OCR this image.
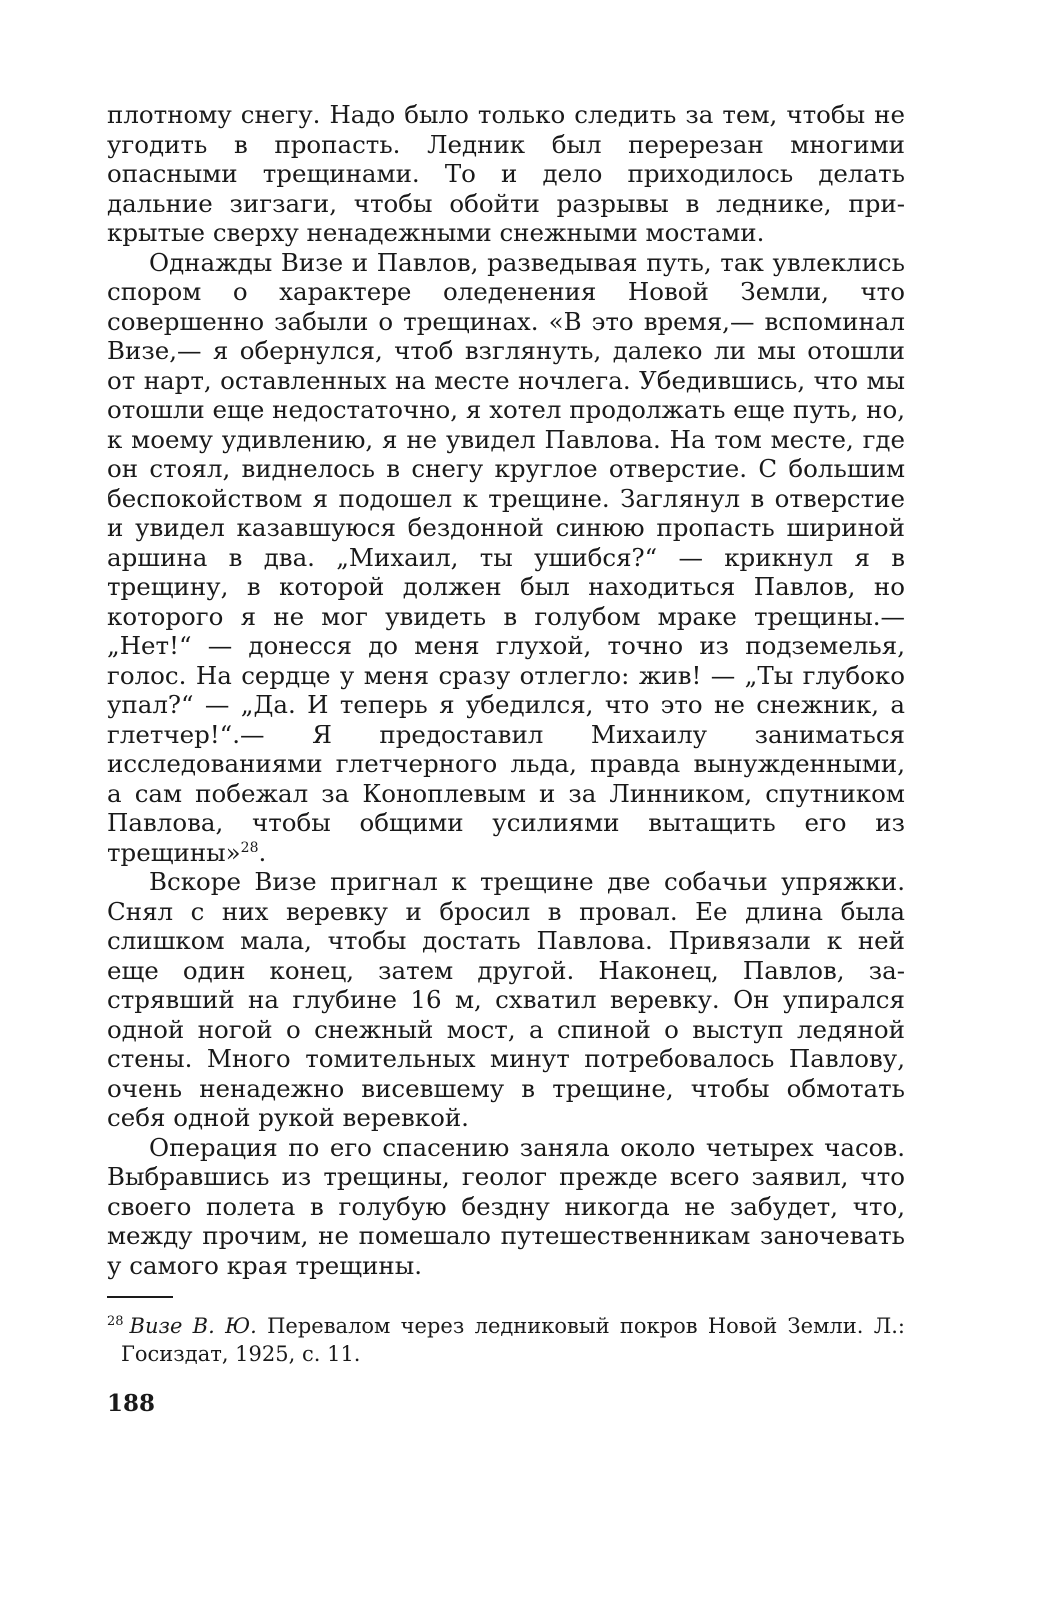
плотному снегу. Надо было только следить за тем, чтобы не угодить в пропасть. Ледник был перерезан многими опасными трещинами. То и дело приходилось делать дальние зигзаги, чтобы обойти разрывы в леднике, прикрытые сверху ненадежными снежными мостами.

Однажды Визе и Павлов, разведывая путь, так увлеклись спором о характере оледенения Новой Земли, что совершенно забыли о трещинах. «В это время,— вспоминал Визе,— я обернулся, чтоб взглянуть, далеко ли мы отошли от нарт, оставленных на месте ночлега. Убедившись, что мы отошли еще недостаточно, я хотел продолжать еще путь, но, к моему удивлению, я не увидел Павлова. На том месте, где он стоял, виднелось в снегу круглое отверстие. С большим беспокойством я подошел к трещине. Заглянул в отверстие и увидел казавшуюся бездонной синюю пропасть шириной аршина в два. „Михаил, ты ушибся?“ — крикнул я в трещину, в которой должен был находиться Павлов, но которого я не мог увидеть в голубом мраке трещины.— „Нет!“ — донесся до меня глухой, точно из подземелья, голос. На сердце у меня сразу отлегло: жив! — „Ты глубоко упал?“ — „Да. И теперь я убедился, что это не снежник, а глетчер!“.— Я предоставил Михаилу заниматься исследованиями глетчерного льда, правда вынужденными, а сам побежал за Коноплевым и за Линником, спутником Павлова, чтобы общими усилиями вытащить его из трещины»$^{28}$.

Вскоре Визе пригнал к трещине две собачьи упряжки. Снял с них веревку и бросил в провал. Ее длина была слишком мала, чтобы достать Павлова. Привязали к ней еще один конец, затем другой. Наконец, Павлов, застрявший на глубине 16 м, схватил веревку. Он упирался одной ногой о снежный мост, а спиной о выступ ледяной стены. Много томительных минут потребовалось Павлову, очень ненадежно висевшему в трещине, чтобы обмотать себя одной рукой веревкой.

Операция по его спасению заняла около четырех часов. Выбравшись из трещины, геолог прежде всего заявил, что своего полета в голубую бездну никогда не забудет, что, между прочим, не помешало путешественникам заночевать у самого края трещины.

$^{28}$ Визе В. Ю. Перевалом через ледниковый покров Новой Земли. Л.: Госиздат, 1925, с. 11.
188
